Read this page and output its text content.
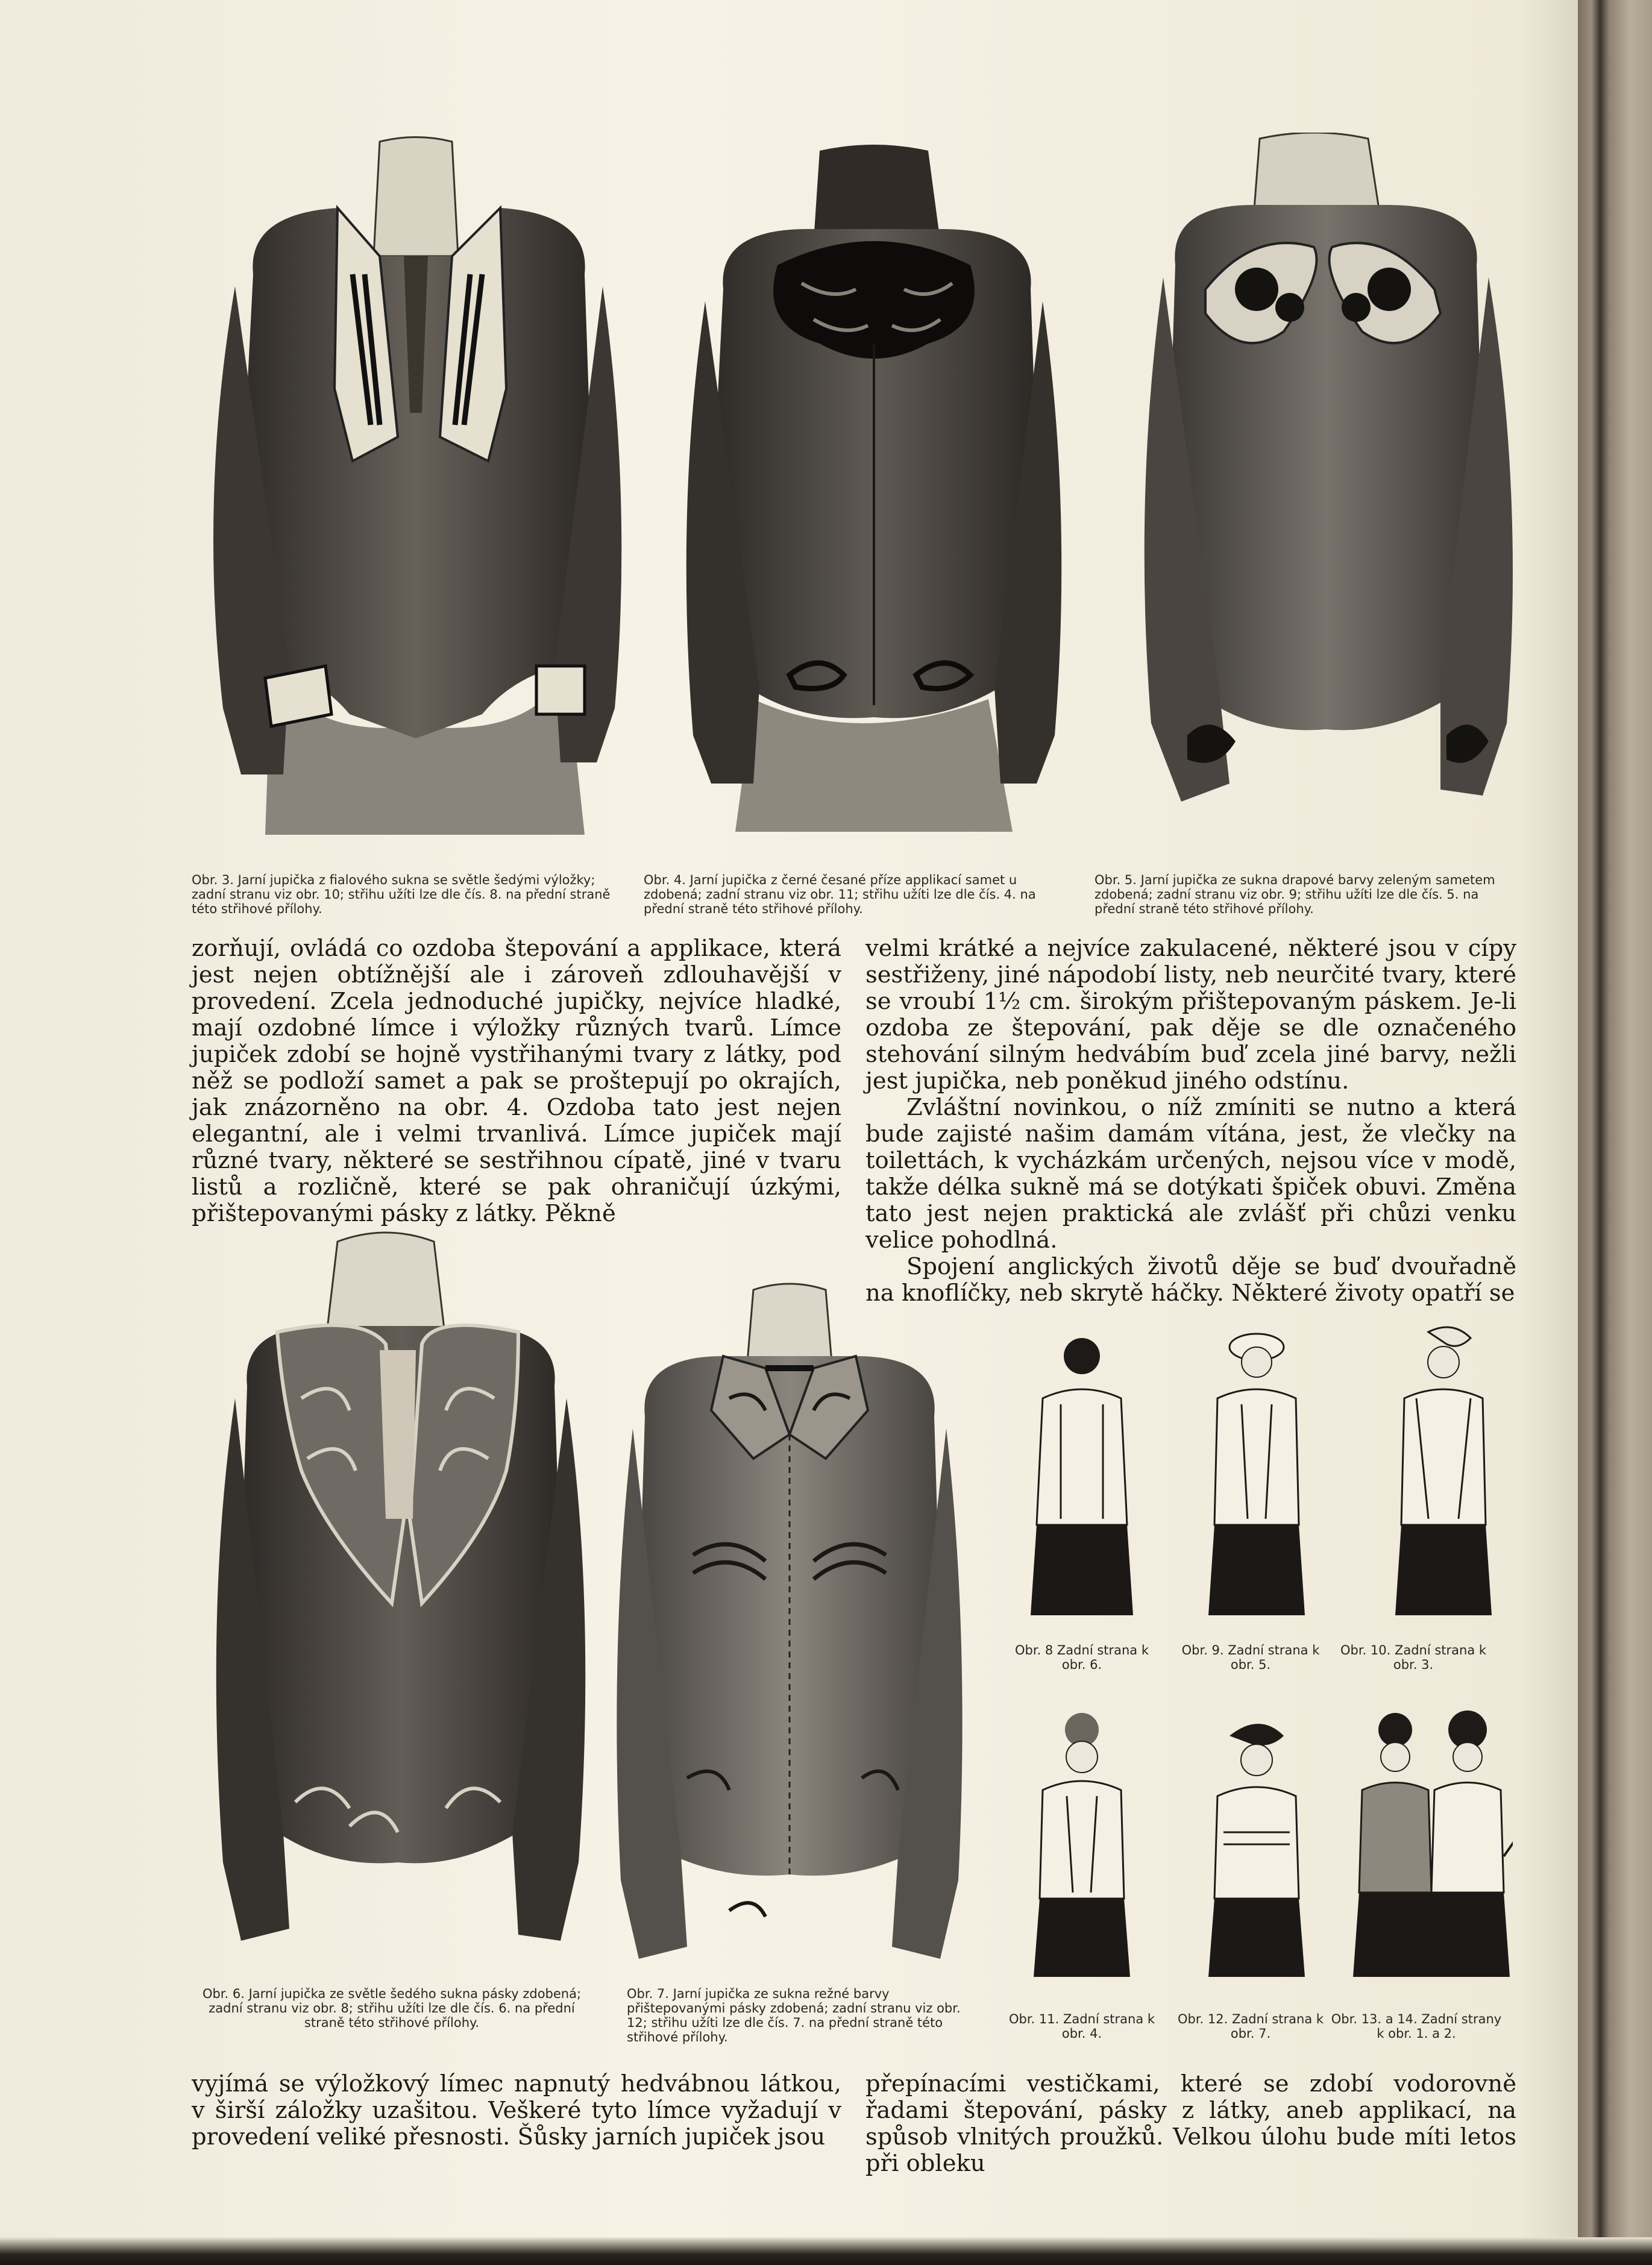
Obr. 3. Jarní jupička z fialového sukna se světle šedými výložky; zadní stranu viz obr. 10; střihu užíti lze dle čís. 8. na přední straně této střihové přílohy.
Obr. 4. Jarní jupička z černé česané příze applikací samet u zdobená; zadní stranu viz obr. 11; střihu užíti lze dle čís. 4. na přední straně této střihové přílohy.
Obr. 5. Jarní jupička ze sukna drapové barvy zeleným sametem zdobená; zadní stranu viz obr. 9; střihu užíti lze dle čís. 5. na přední straně této střihové přílohy.

zorňují, ovládá co ozdoba štepování a applikace, která jest nejen obtížnější ale i zároveň zdlouhavější v provedení. Zcela jednoduché jupičky, nejvíce hladké, mají ozdobné límce i výložky různých tvarů. Límce jupiček zdobí se hojně vystřihanými tvary z látky, pod něž se podloží samet a pak se proštepují po okrajích, jak znázorněno na obr. 4. Ozdoba tato jest nejen elegantní, ale i velmi trvanlivá. Límce jupiček mají různé tvary, některé se sestřihnou cípatě, jiné v tvaru listů a rozličně, které se pak ohraničují úzkými, přištepovanými pásky z látky. Pěkně

velmi krátké a nejvíce zakulacené, některé jsou v cípy sestřiženy, jiné nápodobí listy, neb neurčité tvary, které se vroubí 1½ cm. širokým přištepovaným páskem. Je-li ozdoba ze štepování, pak děje se dle označeného stehování silným hedvábím buď zcela jiné barvy, nežli jest jupička, neb poněkud jiného odstínu.

Zvláštní novinkou, o níž zmíniti se nutno a která bude zajisté našim damám vítána, jest, že vlečky na toilettách, k vycházkám určených, nejsou více v modě, takže délka sukně má se dotýkati špiček obuvi. Změna tato jest nejen praktická ale zvlášť při chůzi venku velice pohodlná.

Spojení anglických životů děje se buď dvouřadně na knoflíčky, neb skrytě háčky. Některé životy opatří se

Obr. 8 Zadní strana k obr. 6.
Obr. 9. Zadní strana k obr. 5.
Obr. 10. Zadní strana k obr. 3.
Obr. 6. Jarní jupička ze světle šedého sukna pásky zdobená; zadní stranu viz obr. 8; střihu užíti lze dle čís. 6. na přední straně této střihové přílohy.
Obr. 7. Jarní jupička ze sukna režné barvy přištepovanými pásky zdobená; zadní stranu viz obr. 12; střihu užíti lze dle čís. 7. na přední straně této střihové přílohy.
Obr. 11. Zadní strana k obr. 4.
Obr. 12. Zadní strana k obr. 7.
Obr. 13. a 14. Zadní strany k obr. 1. a 2.

vyjímá se výložkový límec napnutý hedvábnou látkou, v širší záložky uzašitou. Veškeré tyto límce vyžadují v provedení veliké přesnosti. Šůsky jarních jupiček jsou

přepínacími vestičkami, které se zdobí vodorovně řadami štepování, pásky z látky, aneb applikací, na spůsob vlnitých proužků. Velkou úlohu bude míti letos při obleku
